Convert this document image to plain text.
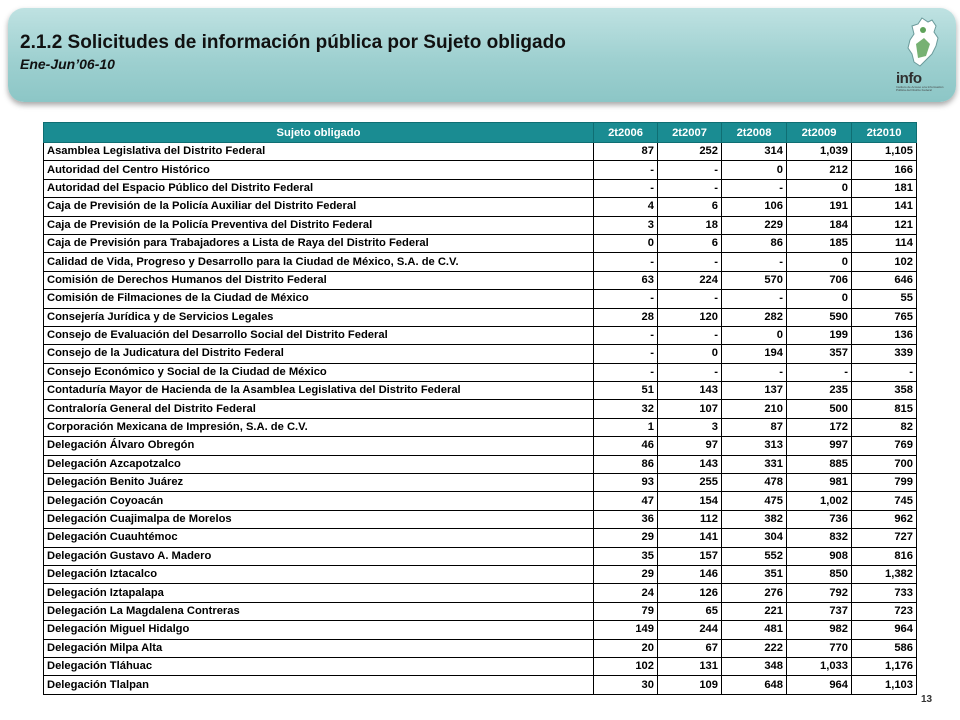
2.1.2 Solicitudes de información pública por Sujeto obligado
Ene-Jun’06-10
info
Instituto de Acceso a la Información Pública del Distrito Federal
Sujeto obligado	2t2006	2t2007	2t2008	2t2009	2t2010
Asamblea Legislativa del Distrito Federal	87	252	314	1,039	1,105
Autoridad del Centro Histórico	-	-	0	212	166
Autoridad del Espacio Público del Distrito Federal	-	-	-	0	181
Caja de Previsión de la Policía Auxiliar del Distrito Federal	4	6	106	191	141
Caja de Previsión de la Policía Preventiva del Distrito Federal	3	18	229	184	121
Caja de Previsión para Trabajadores a Lista de Raya del Distrito Federal	0	6	86	185	114
Calidad de Vida, Progreso y Desarrollo para la Ciudad de México, S.A. de C.V.	-	-	-	0	102
Comisión de Derechos Humanos del Distrito Federal	63	224	570	706	646
Comisión de Filmaciones de la Ciudad de México	-	-	-	0	55
Consejería Jurídica y de Servicios Legales	28	120	282	590	765
Consejo de Evaluación del Desarrollo Social del Distrito Federal	-	-	0	199	136
Consejo de la Judicatura del Distrito Federal	-	0	194	357	339
Consejo Económico y Social de la Ciudad de México	-	-	-	-	-
Contaduría Mayor de Hacienda de la Asamblea Legislativa del Distrito Federal	51	143	137	235	358
Contraloría General del Distrito Federal	32	107	210	500	815
Corporación Mexicana de Impresión, S.A. de C.V.	1	3	87	172	82
Delegación Álvaro Obregón	46	97	313	997	769
Delegación Azcapotzalco	86	143	331	885	700
Delegación Benito Juárez	93	255	478	981	799
Delegación Coyoacán	47	154	475	1,002	745
Delegación Cuajimalpa de Morelos	36	112	382	736	962
Delegación Cuauhtémoc	29	141	304	832	727
Delegación Gustavo A. Madero	35	157	552	908	816
Delegación Iztacalco	29	146	351	850	1,382
Delegación Iztapalapa	24	126	276	792	733
Delegación La Magdalena Contreras	79	65	221	737	723
Delegación Miguel Hidalgo	149	244	481	982	964
Delegación Milpa Alta	20	67	222	770	586
Delegación Tláhuac	102	131	348	1,033	1,176
Delegación Tlalpan	30	109	648	964	1,103
13
